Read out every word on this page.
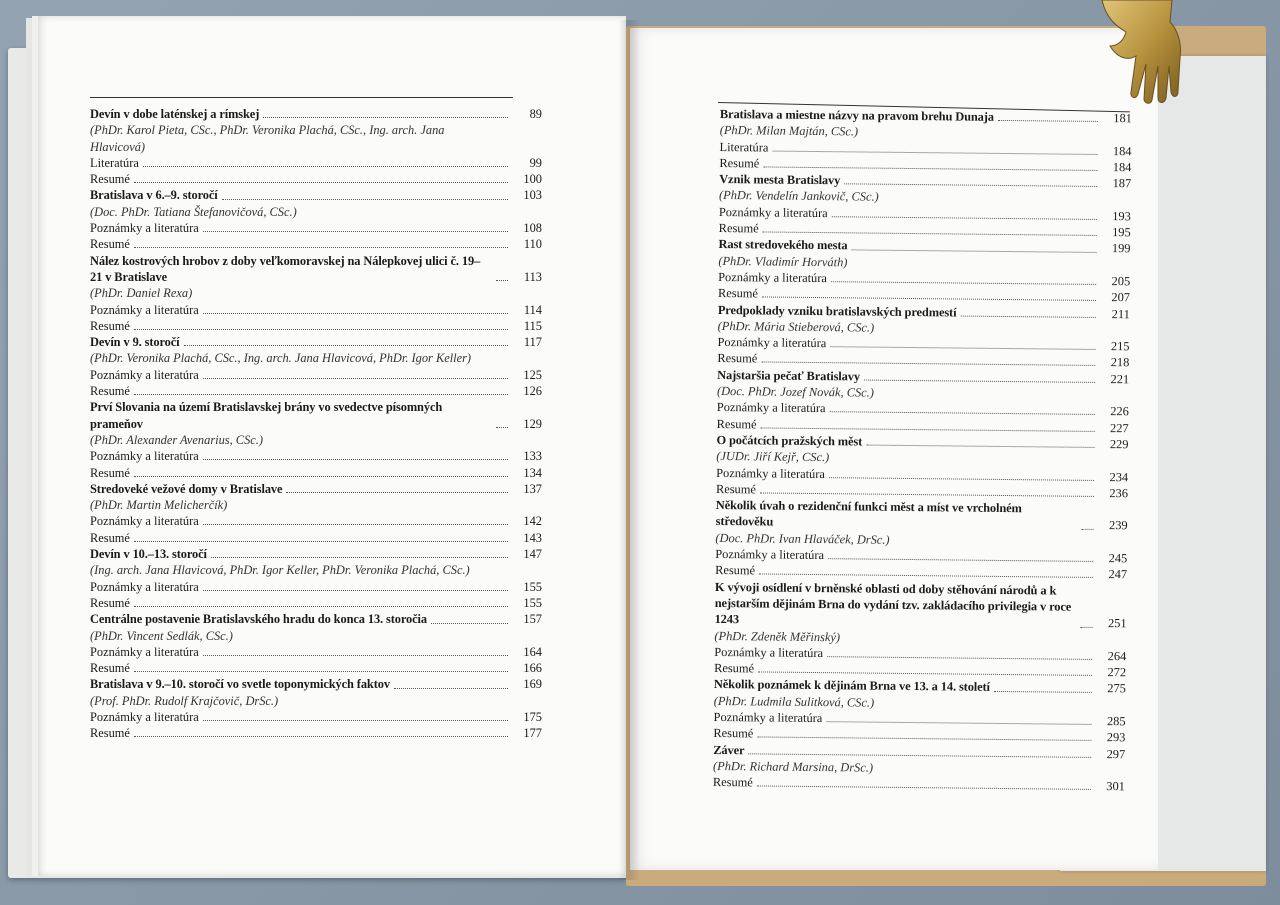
Devín v dobe laténskej a rímskej	89
(PhDr. Karol Pieta, CSc., PhDr. Veronika Plachá, CSc., Ing. arch. Jana Hlavicová)
Literatúra	99
Resumé	100
Bratislava v 6.–9. storočí	103
(Doc. PhDr. Tatiana Štefanovičová, CSc.)
Poznámky a literatúra	108
Resumé	110
Nález kostrových hrobov z doby veľkomoravskej na Nálepkovej ulici č. 19–21 v Bratislave	113
(PhDr. Daniel Rexa)
Poznámky a literatúra	114
Resumé	115
Devín v 9. storočí	117
(PhDr. Veronika Plachá, CSc., Ing. arch. Jana Hlavicová, PhDr. Igor Keller)
Poznámky a literatúra	125
Resumé	126
Prví Slovania na území Bratislavskej brány vo svedectve písomných prameňov	129
(PhDr. Alexander Avenarius, CSc.)
Poznámky a literatúra	133
Resumé	134
Stredoveké vežové domy v Bratislave	137
(PhDr. Martin Melicherčík)
Poznámky a literatúra	142
Resumé	143
Devín v 10.–13. storočí	147
(Ing. arch. Jana Hlavicová, PhDr. Igor Keller, PhDr. Veronika Plachá, CSc.)
Poznámky a literatúra	155
Resumé	155
Centrálne postavenie Bratislavského hradu do konca 13. storočia	157
(PhDr. Vincent Sedlák, CSc.)
Poznámky a literatúra	164
Resumé	166
Bratislava v 9.–10. storočí vo svetle toponymických faktov	169
(Prof. PhDr. Rudolf Krajčovič, DrSc.)
Poznámky a literatúra	175
Resumé	177
Bratislava a miestne názvy na pravom brehu Dunaja	181
(PhDr. Milan Majtán, CSc.)
Literatúra	184
Resumé	184
Vznik mesta Bratislavy	187
(PhDr. Vendelín Jankovič, CSc.)
Poznámky a literatúra	193
Resumé	195
Rast stredovekého mesta	199
(PhDr. Vladimír Horváth)
Poznámky a literatúra	205
Resumé	207
Predpoklady vzniku bratislavských predmestí	211
(PhDr. Mária Stieberová, CSc.)
Poznámky a literatúra	215
Resumé	218
Najstaršia pečať Bratislavy	221
(Doc. PhDr. Jozef Novák, CSc.)
Poznámky a literatúra	226
Resumé	227
O počátcích pražských měst	229
(JUDr. Jiří Kejř, CSc.)
Poznámky a literatúra	234
Resumé	236
Několik úvah o rezidenční funkci měst a míst ve vrcholném středověku	239
(Doc. PhDr. Ivan Hlaváček, DrSc.)
Poznámky a literatúra	245
Resumé	247
K vývoji osídlení v brněnské oblasti od doby stěhování národů a k nejstarším dějinám Brna do vydání tzv. zakládacího privilegia v roce 1243	251
(PhDr. Zdeněk Měřinský)
Poznámky a literatúra	264
Resumé	272
Několik poznámek k dějinám Brna ve 13. a 14. století	275
(PhDr. Ludmila Sulitková, CSc.)
Poznámky a literatúra	285
Resumé	293
Záver	297
(PhDr. Richard Marsina, DrSc.)
Resumé	301
